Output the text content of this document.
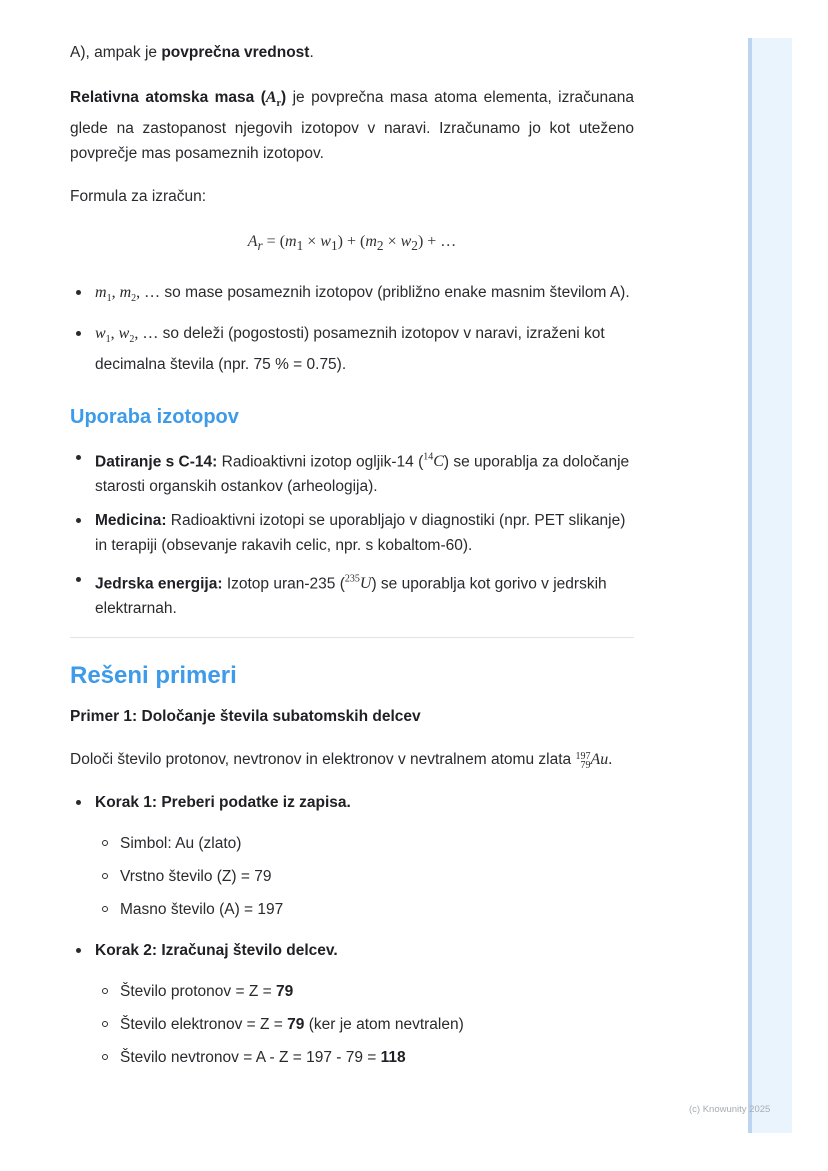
A), ampak je povprečna vrednost.

Relativna atomska masa $(A_r)$ je povprečna masa atoma elementa, izračunana glede na zastopanost njegovih izotopov v naravi. Izračunamo jo kot uteženo povprečje mas posameznih izotopov.

Formula za izračun:

$A_r = (m_1 \times w_1) + (m_2 \times w_2)$ + …
$m_1$, $m_2$, … so mase posameznih izotopov (približno enake masnim številom A).
$w_1$, $w_2$, … so deleži (pogostosti) posameznih izotopov v naravi, izraženi kot decimalna števila (npr. 75 % = 0.75).
Uporaba izotopov
Datiranje s C-14: Radioaktivni izotop ogljik-14 ($^{14}$C) se uporablja za določanje starosti organskih ostankov (arheologija).
Medicina: Radioaktivni izotopi se uporabljajo v diagnostiki (npr. PET slikanje) in terapiji (obsevanje rakavih celic, npr. s kobaltom-60).
Jedrska energija: Izotop uran-235 ($^{235}$U) se uporablja kot gorivo v jedrskih elektrarnah.
Rešeni primeri
Primer 1: Določanje števila subatomskih delcev

Določi število protonov, nevtronov in elektronov v nevtralnem atomu zlata 197
79Au.

Korak 1: Preberi podatke iz zapisa.
Simbol: Au (zlato)
Vrstno število (Z) = 79
Masno število (A) = 197
Korak 2: Izračunaj število delcev.
Število protonov = Z = 79
Število elektronov = Z = 79 (ker je atom nevtralen)
Število nevtronov = A - Z = 197 - 79 = 118
(c) Knowunity 2025
